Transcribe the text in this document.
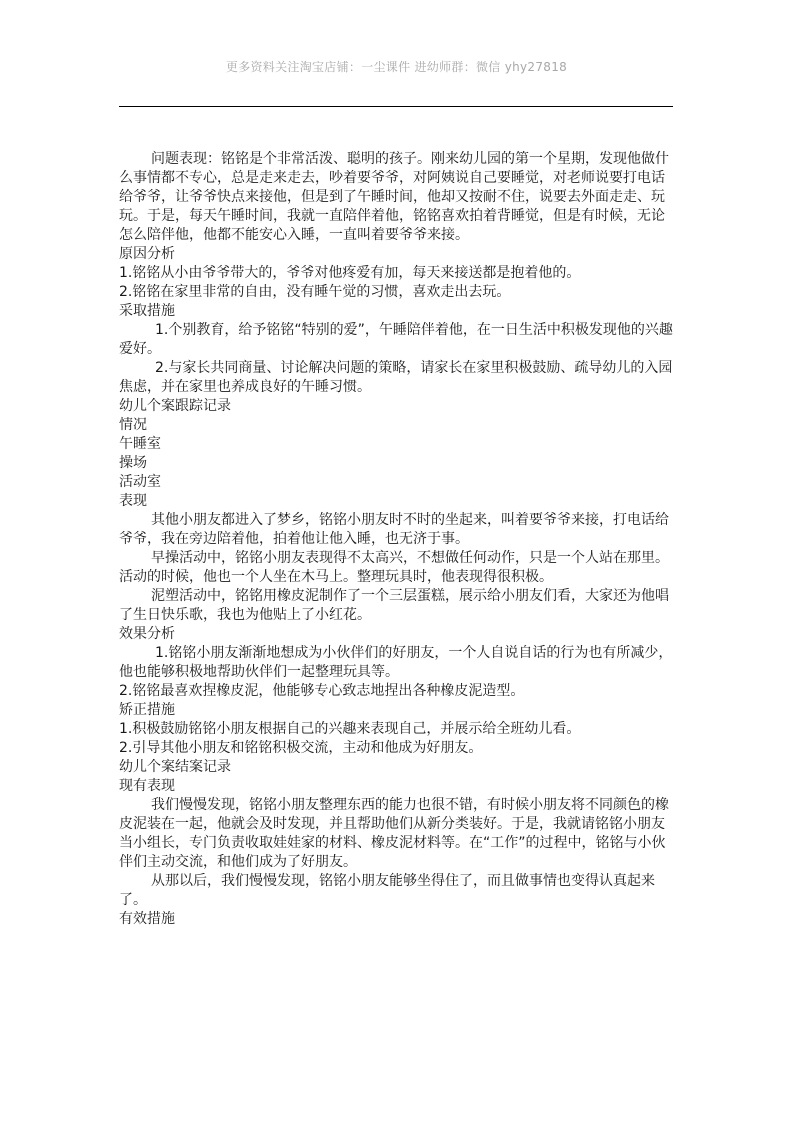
更多资料关注淘宝店铺：一尘课件 进幼师群：微信 yhy27818

问题表现：铭铭是个非常活泼、聪明的孩子。刚来幼儿园的第一个星期，发现他做什么事情都不专心，总是走来走去，吵着要爷爷，对阿姨说自己要睡觉，对老师说要打电话给爷爷，让爷爷快点来接他，但是到了午睡时间，他却又按耐不住，说要去外面走走、玩玩。于是，每天午睡时间，我就一直陪伴着他，铭铭喜欢拍着背睡觉，但是有时候，无论怎么陪伴他，他都不能安心入睡，一直叫着要爷爷来接。

原因分析

1.铭铭从小由爷爷带大的，爷爷对他疼爱有加，每天来接送都是抱着他的。

2.铭铭在家里非常的自由，没有睡午觉的习惯，喜欢走出去玩。

采取措施

1.个别教育，给予铭铭“特别的爱”，午睡陪伴着他，在一日生活中积极发现他的兴趣爱好。

2.与家长共同商量、讨论解决问题的策略，请家长在家里积极鼓励、疏导幼儿的入园焦虑，并在家里也养成良好的午睡习惯。

幼儿个案跟踪记录

情况

午睡室

操场

活动室

表现

其他小朋友都进入了梦乡，铭铭小朋友时不时的坐起来，叫着要爷爷来接，打电话给爷爷，我在旁边陪着他，拍着他让他入睡，也无济于事。

早操活动中，铭铭小朋友表现得不太高兴，不想做任何动作，只是一个人站在那里。活动的时候，他也一个人坐在木马上。整理玩具时，他表现得很积极。

泥塑活动中，铭铭用橡皮泥制作了一个三层蛋糕，展示给小朋友们看，大家还为他唱了生日快乐歌，我也为他贴上了小红花。

效果分析

1.铭铭小朋友渐渐地想成为小伙伴们的好朋友，一个人自说自话的行为也有所减少，他也能够积极地帮助伙伴们一起整理玩具等。

2.铭铭最喜欢捏橡皮泥，他能够专心致志地捏出各种橡皮泥造型。

矫正措施

1.积极鼓励铭铭小朋友根据自己的兴趣来表现自己，并展示给全班幼儿看。

2.引导其他小朋友和铭铭积极交流，主动和他成为好朋友。

幼儿个案结案记录

现有表现

我们慢慢发现，铭铭小朋友整理东西的能力也很不错，有时候小朋友将不同颜色的橡皮泥装在一起，他就会及时发现，并且帮助他们从新分类装好。于是，我就请铭铭小朋友当小组长，专门负责收取娃娃家的材料、橡皮泥材料等。在“工作”的过程中，铭铭与小伙伴们主动交流，和他们成为了好朋友。

从那以后，我们慢慢发现，铭铭小朋友能够坐得住了，而且做事情也变得认真起来了。

有效措施
